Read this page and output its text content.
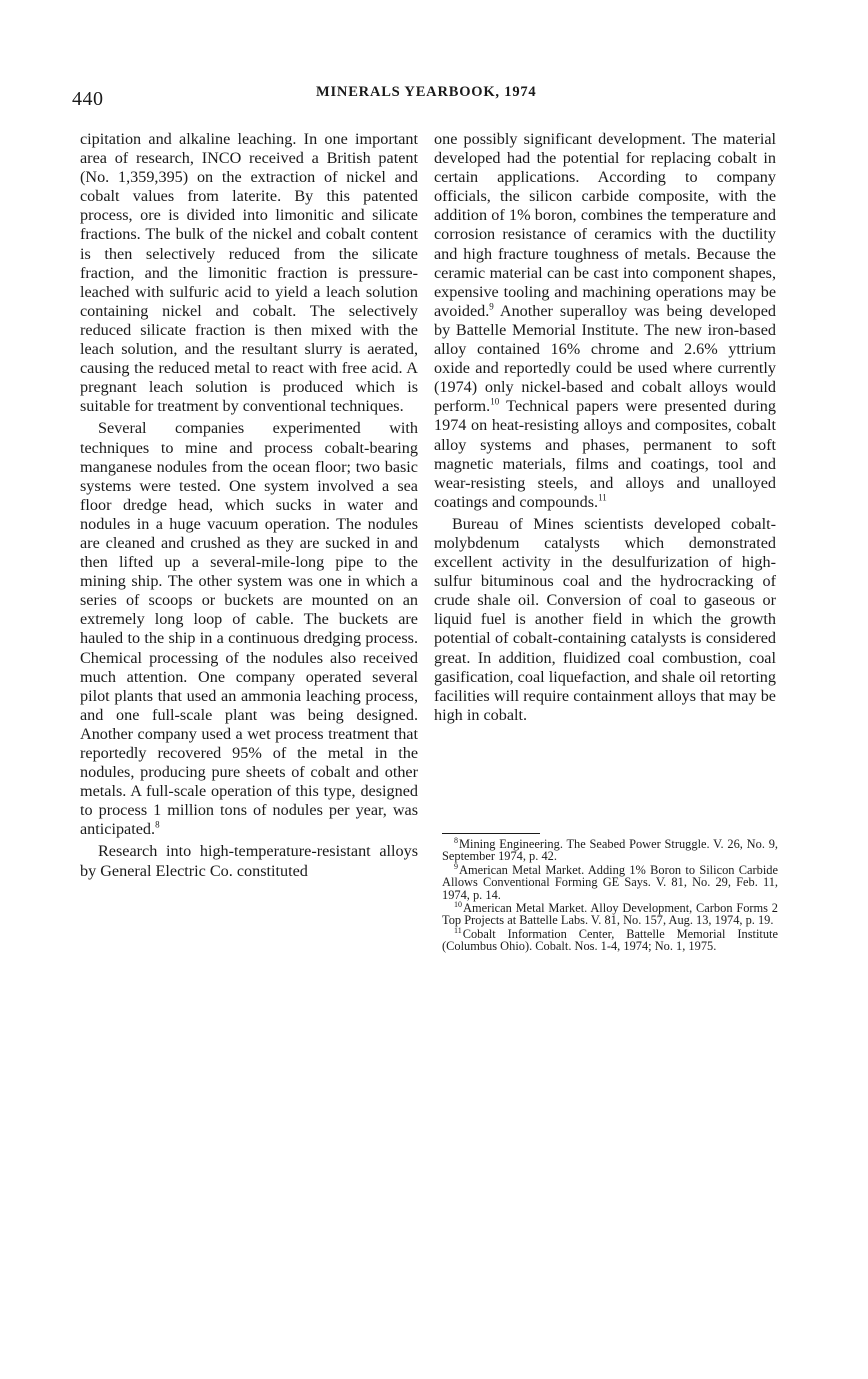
440	MINERALS YEARBOOK, 1974

cipitation and alkaline leaching. In one important area of research, INCO received a British patent (No. 1,359,395) on the extraction of nickel and cobalt values from laterite. By this patented process, ore is divided into limonitic and silicate fractions. The bulk of the nickel and cobalt content is then selectively reduced from the silicate fraction, and the limonitic fraction is pressure-leached with sulfuric acid to yield a leach solution containing nickel and cobalt. The selectively reduced silicate fraction is then mixed with the leach solution, and the resultant slurry is aerated, causing the reduced metal to react with free acid. A pregnant leach solution is produced which is suitable for treatment by conventional techniques.

Several companies experimented with techniques to mine and process cobalt-bearing manganese nodules from the ocean floor; two basic systems were tested. One system involved a sea floor dredge head, which sucks in water and nodules in a huge vacuum operation. The nodules are cleaned and crushed as they are sucked in and then lifted up a several-mile-long pipe to the mining ship. The other system was one in which a series of scoops or buckets are mounted on an extremely long loop of cable. The buckets are hauled to the ship in a continuous dredging process. Chemical processing of the nodules also received much attention. One company operated several pilot plants that used an ammonia leaching process, and one full-scale plant was being designed. Another company used a wet process treatment that reportedly recovered 95% of the metal in the nodules, producing pure sheets of cobalt and other metals. A full-scale operation of this type, designed to process 1 million tons of nodules per year, was anticipated.$^8$

Research into high-temperature-resistant alloys by General Electric Co. constituted

one possibly significant development. The material developed had the potential for replacing cobalt in certain applications. According to company officials, the silicon carbide composite, with the addition of 1% boron, combines the temperature and corrosion resistance of ceramics with the ductility and high fracture toughness of metals. Because the ceramic material can be cast into component shapes, expensive tooling and machining operations may be avoided.$^9$ Another superalloy was being developed by Battelle Memorial Institute. The new iron-based alloy contained 16% chrome and 2.6% yttrium oxide and reportedly could be used where currently (1974) only nickel-based and cobalt alloys would perform.$^{10}$ Technical papers were presented during 1974 on heat-resisting alloys and composites, cobalt alloy systems and phases, permanent to soft magnetic materials, films and coatings, tool and wear-resisting steels, and alloys and unalloyed coatings and compounds.$^{11}$

Bureau of Mines scientists developed cobalt-molybdenum catalysts which demonstrated excellent activity in the desulfurization of high-sulfur bituminous coal and the hydrocracking of crude shale oil. Conversion of coal to gaseous or liquid fuel is another field in which the growth potential of cobalt-containing catalysts is considered great. In addition, fluidized coal combustion, coal gasification, coal liquefaction, and shale oil retorting facilities will require containment alloys that may be high in cobalt.

$^8$Mining Engineering. The Seabed Power Struggle. V. 26, No. 9, September 1974, p. 42.

$^9$American Metal Market. Adding 1% Boron to Silicon Carbide Allows Conventional Forming GE Says. V. 81, No. 29, Feb. 11, 1974, p. 14.

$^{10}$American Metal Market. Alloy Development, Carbon Forms 2 Top Projects at Battelle Labs. V. 81, No. 157, Aug. 13, 1974, p. 19.

$^{11}$Cobalt Information Center, Battelle Memorial Institute (Columbus Ohio). Cobalt. Nos. 1-4, 1974; No. 1, 1975.
